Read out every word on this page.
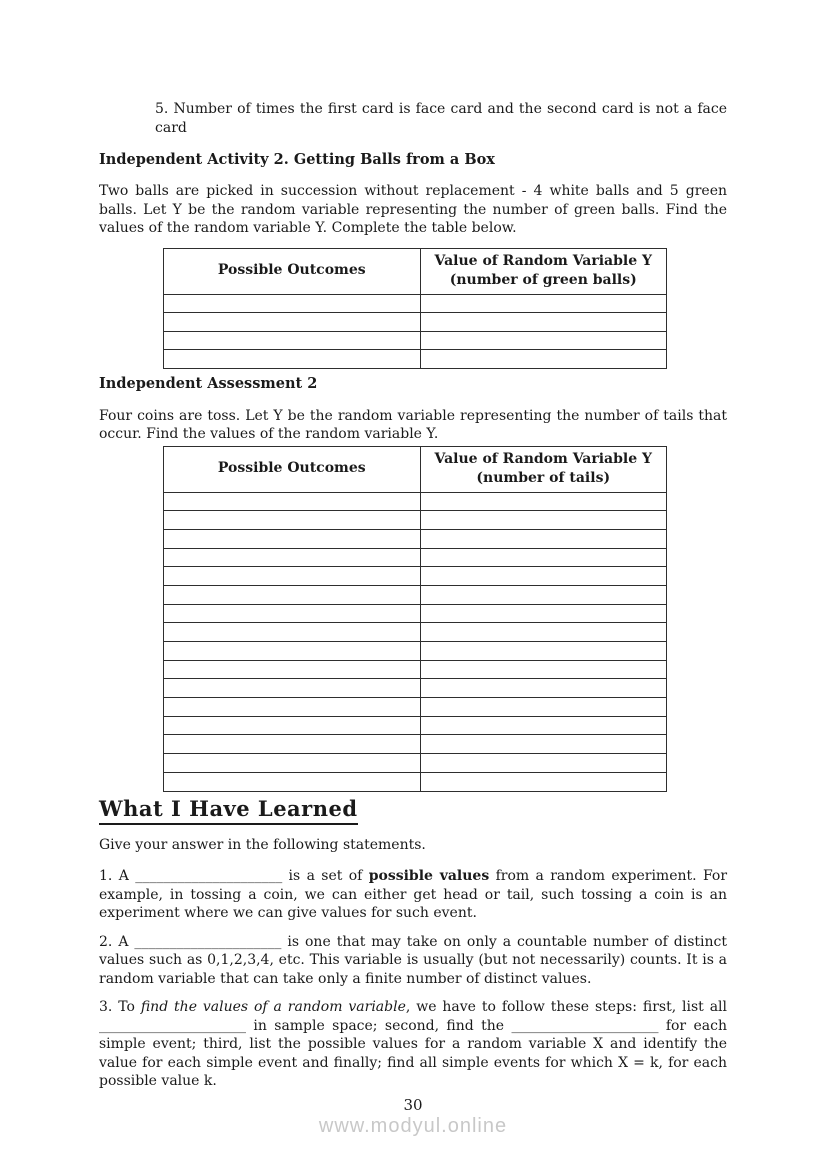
5. Number of times the first card is face card and the second card is not a face card

Independent Activity 2. Getting Balls from a Box

Two balls are picked in succession without replacement - 4 white balls and 5 green balls. Let Y be the random variable representing the number of green balls. Find the values of the random variable Y. Complete the table below.

Possible Outcomes	Value of Random Variable Y (number of green balls)

Independent Assessment 2

Four coins are toss. Let Y be the random variable representing the number of tails that occur. Find the values of the random variable Y.

Possible Outcomes	Value of Random Variable Y (number of tails)

What I Have Learned

Give your answer in the following statements.

1. A _____________________ is a set of possible values from a random experiment. For example, in tossing a coin, we can either get head or tail, such tossing a coin is an experiment where we can give values for such event.

2. A _____________________ is one that may take on only a countable number of distinct values such as 0,1,2,3,4, etc. This variable is usually (but not necessarily) counts. It is a random variable that can take only a finite number of distinct values.

3. To find the values of a random variable, we have to follow these steps: first, list all _____________________ in sample space; second, find the _____________________ for each simple event; third, list the possible values for a random variable X and identify the value for each simple event and finally; find all simple events for which X = k, for each possible value k.

30
www.modyul.online
